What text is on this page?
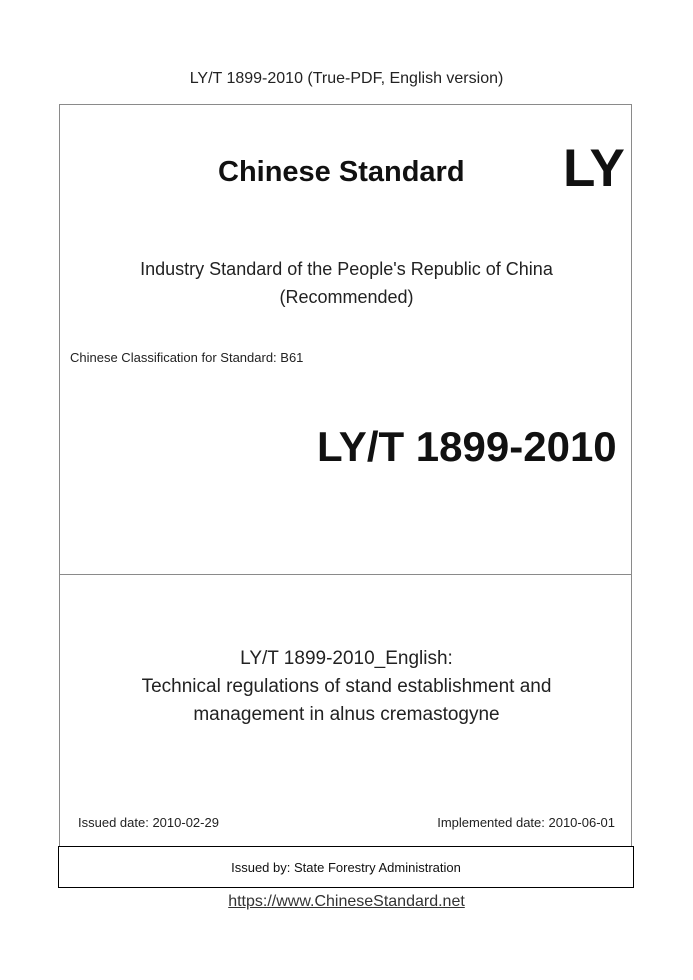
LY/T 1899-2010 (True-PDF, English version)
Chinese Standard LY
Industry Standard of the People's Republic of China
(Recommended)
Chinese Classification for Standard: B61
LY/T 1899-2010
LY/T 1899-2010_English:
Technical regulations of stand establishment and
management in alnus cremastogyne
Issued date: 2010-02-29	Implemented date: 2010-06-01
Issued by: State Forestry Administration
https://www.ChineseStandard.net
